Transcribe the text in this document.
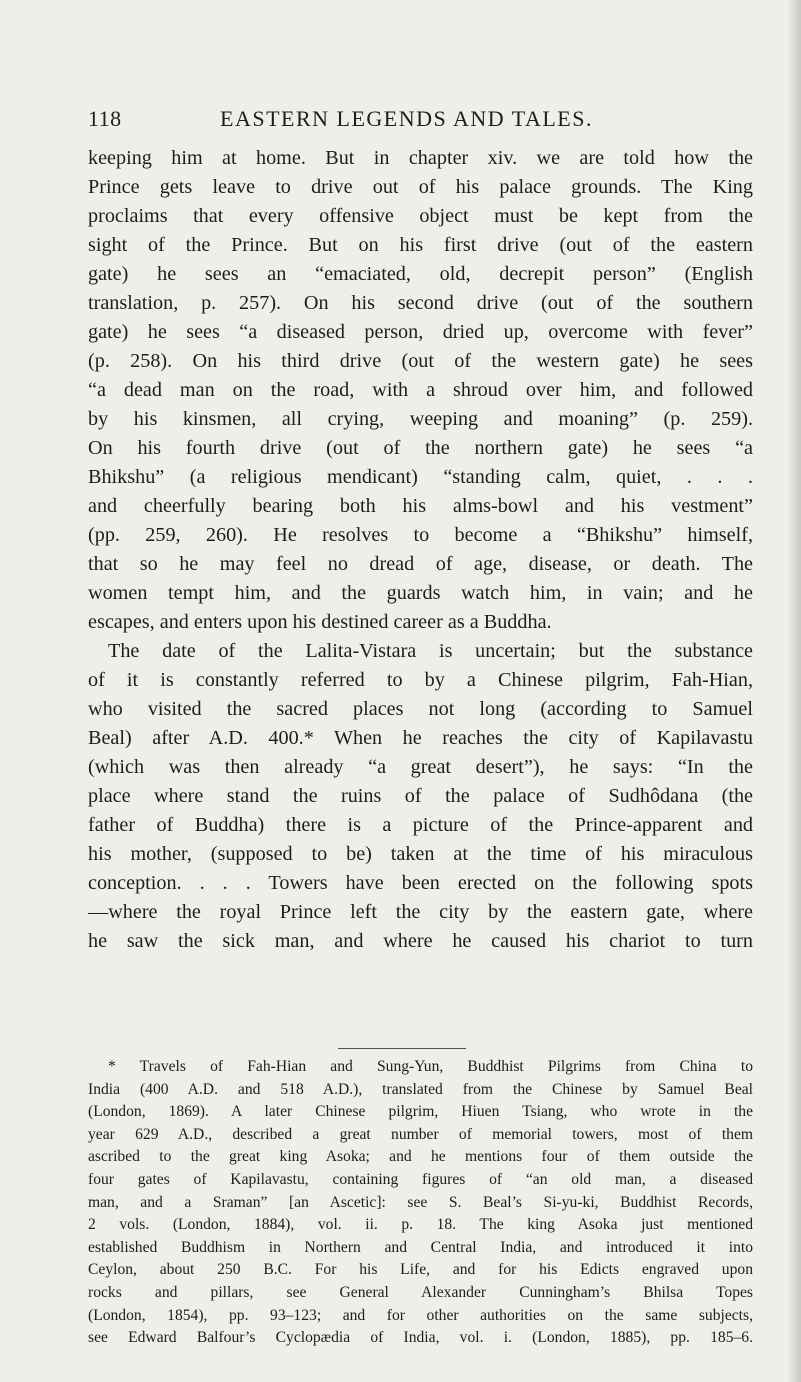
118	EASTERN LEGENDS AND TALES.
keeping him at home. But in chapter xiv. we are told how the
Prince gets leave to drive out of his palace grounds. The King
proclaims that every offensive object must be kept from the
sight of the Prince. But on his first drive (out of the eastern
gate) he sees an “emaciated, old, decrepit person” (English
translation, p. 257). On his second drive (out of the southern
gate) he sees “a diseased person, dried up, overcome with fever”
(p. 258). On his third drive (out of the western gate) he sees
“a dead man on the road, with a shroud over him, and followed
by his kinsmen, all crying, weeping and moaning” (p. 259).
On his fourth drive (out of the northern gate) he sees “a
Bhikshu” (a religious mendicant) “standing calm, quiet, . . .
and cheerfully bearing both his alms-bowl and his vestment”
(pp. 259, 260). He resolves to become a “Bhikshu” himself,
that so he may feel no dread of age, disease, or death. The
women tempt him, and the guards watch him, in vain; and he
escapes, and enters upon his destined career as a Buddha.
The date of the Lalita-Vistara is uncertain; but the substance
of it is constantly referred to by a Chinese pilgrim, Fah-Hian,
who visited the sacred places not long (according to Samuel
Beal) after A.D. 400.* When he reaches the city of Kapilavastu
(which was then already “a great desert”), he says: “In the
place where stand the ruins of the palace of Sudhôdana (the
father of Buddha) there is a picture of the Prince-apparent and
his mother, (supposed to be) taken at the time of his miraculous
conception. . . . Towers have been erected on the following spots
—where the royal Prince left the city by the eastern gate, where
he saw the sick man, and where he caused his chariot to turn
* Travels of Fah-Hian and Sung-Yun, Buddhist Pilgrims from China to
India (400 A.D. and 518 A.D.), translated from the Chinese by Samuel Beal
(London, 1869). A later Chinese pilgrim, Hiuen Tsiang, who wrote in the
year 629 A.D., described a great number of memorial towers, most of them
ascribed to the great king Asoka; and he mentions four of them outside the
four gates of Kapilavastu, containing figures of “an old man, a diseased
man, and a Sraman” [an Ascetic]: see S. Beal’s Si-yu-ki, Buddhist Records,
2 vols. (London, 1884), vol. ii. p. 18. The king Asoka just mentioned
established Buddhism in Northern and Central India, and introduced it into
Ceylon, about 250 B.C. For his Life, and for his Edicts engraved upon
rocks and pillars, see General Alexander Cunningham’s Bhilsa Topes
(London, 1854), pp. 93–123; and for other authorities on the same subjects,
see Edward Balfour’s Cyclopædia of India, vol. i. (London, 1885), pp. 185–6.
